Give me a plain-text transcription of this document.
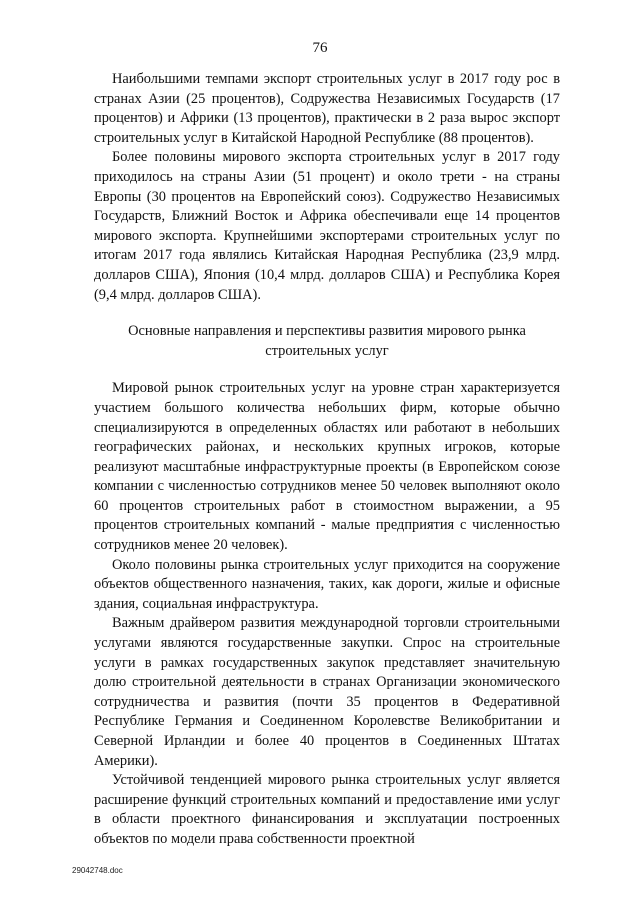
76

Наибольшими темпами экспорт строительных услуг в 2017 году рос в странах Азии (25 процентов), Содружества Независимых Государств (17 процентов) и Африки (13 процентов), практически в 2 раза вырос экспорт строительных услуг в Китайской Народной Республике (88 процентов).

Более половины мирового экспорта строительных услуг в 2017 году приходилось на страны Азии (51 процент) и около трети - на страны Европы (30 процентов на Европейский союз). Содружество Независимых Государств, Ближний Восток и Африка обеспечивали еще 14 процентов мирового экспорта. Крупнейшими экспортерами строительных услуг по итогам 2017 года являлись Китайская Народная Республика (23,9 млрд. долларов США), Япония (10,4 млрд. долларов США) и Республика Корея (9,4 млрд. долларов США).

Основные направления и перспективы развития мирового рынка
строительных услуг

Мировой рынок строительных услуг на уровне стран характеризуется участием большого количества небольших фирм, которые обычно специализируются в определенных областях или работают в небольших географических районах, и нескольких крупных игроков, которые реализуют масштабные инфраструктурные проекты (в Европейском союзе компании с численностью сотрудников менее 50 человек выполняют около 60 процентов строительных работ в стоимостном выражении, а 95 процентов строительных компаний - малые предприятия с численностью сотрудников менее 20 человек).

Около половины рынка строительных услуг приходится на сооружение объектов общественного назначения, таких, как дороги, жилые и офисные здания, социальная инфраструктура.

Важным драйвером развития международной торговли строительными услугами являются государственные закупки. Спрос на строительные услуги в рамках государственных закупок представляет значительную долю строительной деятельности в странах Организации экономического сотрудничества и развития (почти 35 процентов в Федеративной Республике Германия и Соединенном Королевстве Великобритании и Северной Ирландии и более 40 процентов в Соединенных Штатах Америки).

Устойчивой тенденцией мирового рынка строительных услуг является расширение функций строительных компаний и предоставление ими услуг в области проектного финансирования и эксплуатации построенных объектов по модели права собственности проектной

29042748.doc
